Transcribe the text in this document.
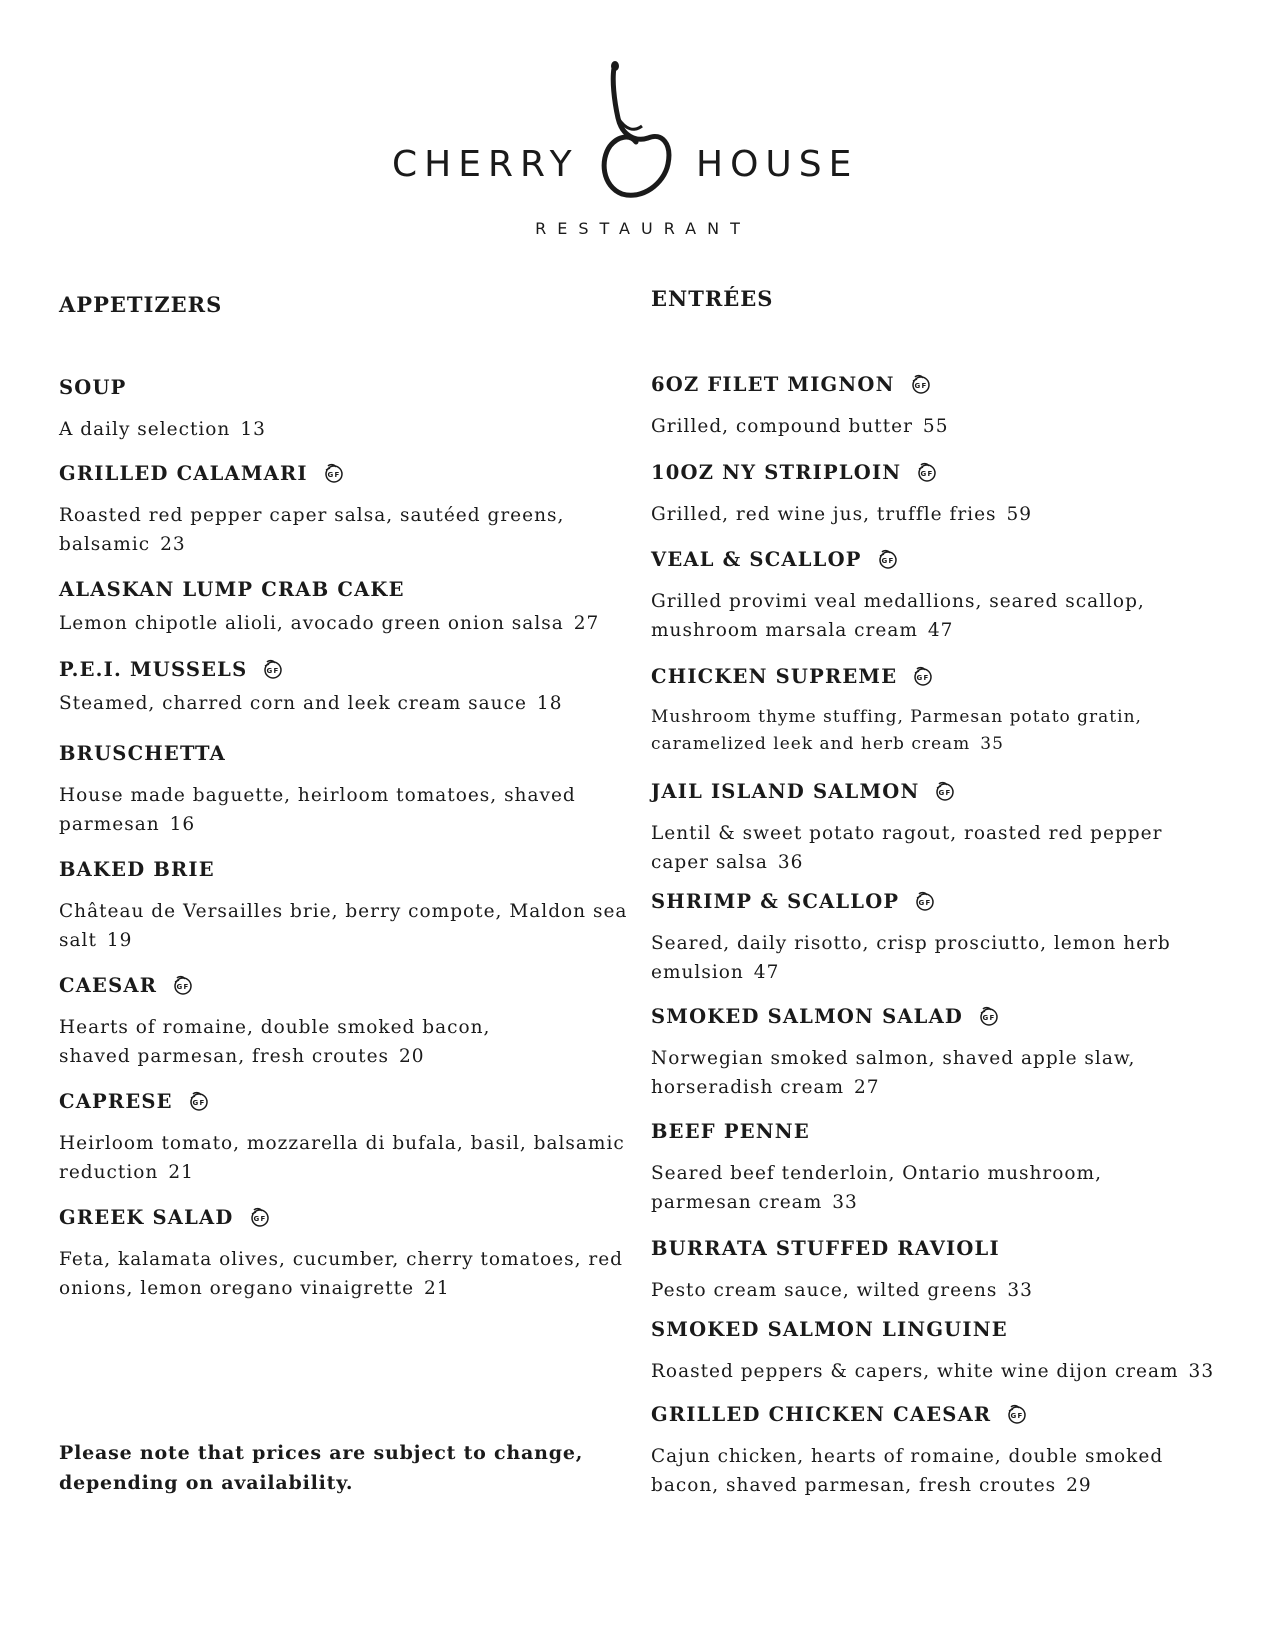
CHERRY	HOUSE
RESTAURANT
APPETIZERS
SOUP

A daily selection 13

GRILLED CALAMARI	GF

Roasted red pepper caper salsa, sautéed greens,
balsamic 23

ALASKAN LUMP CRAB CAKE

Lemon chipotle alioli, avocado green onion salsa 27

P.E.I. MUSSELS	GF

Steamed, charred corn and leek cream sauce 18

BRUSCHETTA

House made baguette, heirloom tomatoes, shaved
parmesan 16

BAKED BRIE

Château de Versailles brie, berry compote, Maldon sea
salt 19

CAESAR	GF

Hearts of romaine, double smoked bacon,
shaved parmesan, fresh croutes 20

CAPRESE	GF

Heirloom tomato, mozzarella di bufala, basil, balsamic
reduction 21

GREEK SALAD	GF

Feta, kalamata olives, cucumber, cherry tomatoes, red
onions, lemon oregano vinaigrette 21

ENTRÉES
6OZ FILET MIGNON	GF

Grilled, compound butter 55

10OZ NY STRIPLOIN	GF

Grilled, red wine jus, truffle fries 59

VEAL & SCALLOP	GF

Grilled provimi veal medallions, seared scallop,
mushroom marsala cream 47

CHICKEN SUPREME	GF

Mushroom thyme stuffing, Parmesan potato gratin,
caramelized leek and herb cream 35

JAIL ISLAND SALMON	GF

Lentil & sweet potato ragout, roasted red pepper
caper salsa 36

SHRIMP & SCALLOP	GF

Seared, daily risotto, crisp prosciutto, lemon herb
emulsion 47

SMOKED SALMON SALAD	GF

Norwegian smoked salmon, shaved apple slaw,
horseradish cream 27

BEEF PENNE

Seared beef tenderloin, Ontario mushroom,
parmesan cream 33

BURRATA STUFFED RAVIOLI

Pesto cream sauce, wilted greens 33

SMOKED SALMON LINGUINE

Roasted peppers & capers, white wine dijon cream 33

GRILLED CHICKEN CAESAR	GF

Cajun chicken, hearts of romaine, double smoked
bacon, shaved parmesan, fresh croutes 29

Please note that prices are subject to change,
depending on availability.
